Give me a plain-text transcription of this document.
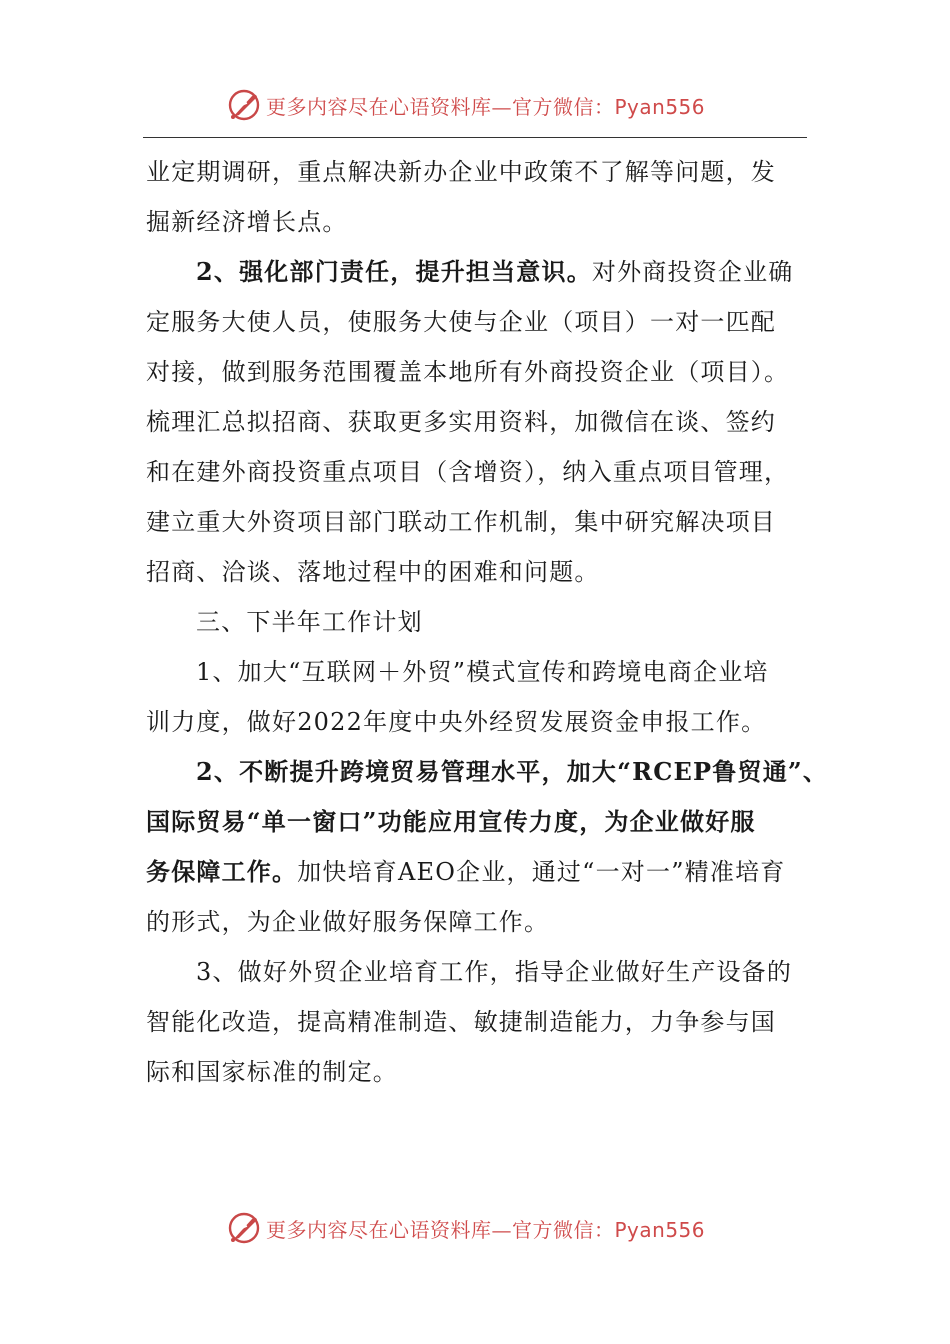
更多内容尽在心语资料库—官方微信：Pyan556
业定期调研，重点解决新办企业中政策不了解等问题，发
掘新经济增长点。
2、强化部门责任，提升担当意识。对外商投资企业确
定服务大使人员，使服务大使与企业（项目）一对一匹配
对接，做到服务范围覆盖本地所有外商投资企业（项目）。
梳理汇总拟招商、获取更多实用资料，加微信在谈、签约
和在建外商投资重点项目（含增资），纳入重点项目管理，
建立重大外资项目部门联动工作机制，集中研究解决项目
招商、洽谈、落地过程中的困难和问题。
三、下半年工作计划
1、加大“互联网＋外贸”模式宣传和跨境电商企业培
训力度，做好2022年度中央外经贸发展资金申报工作。
2、不断提升跨境贸易管理水平，加大“RCEP鲁贸通”、
国际贸易“单一窗口”功能应用宣传力度，为企业做好服
务保障工作。加快培育AEO企业，通过“一对一”精准培育
的形式，为企业做好服务保障工作。
3、做好外贸企业培育工作，指导企业做好生产设备的
智能化改造，提高精准制造、敏捷制造能力，力争参与国
际和国家标准的制定。
更多内容尽在心语资料库—官方微信：Pyan556
